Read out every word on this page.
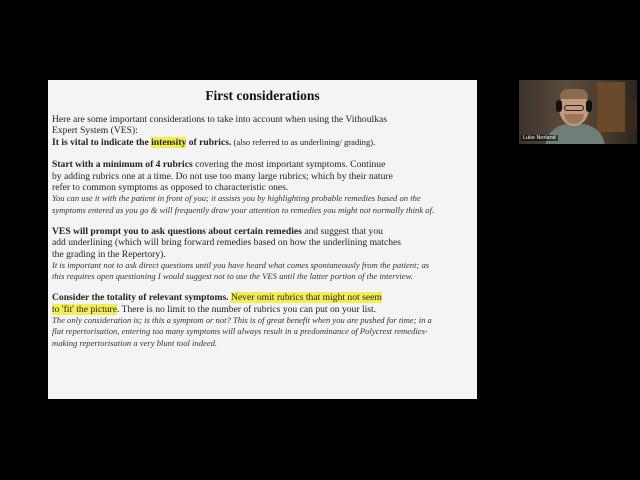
First considerations

Here are some important considerations to take into account when using the Vithoulkas
Expert System (VES):
It is vital to indicate the intensity of rubrics. (also referred to as underlining/ grading).

Start with a minimum of 4 rubrics covering the most important symptoms. Continue
by adding rubrics one at a time. Do not use too many large rubrics; which by their nature
refer to common symptoms as opposed to characteristic ones.

You can use it with the patient in front of you; it assists you by highlighting probable remedies based on the
symptoms entered as you go & will frequently draw your attention to remedies you might not normally think of.

VES will prompt you to ask questions about certain remedies and suggest that you
add underlining (which will bring forward remedies based on how the underlining matches
the grading in the Repertory).

It is important not to ask direct questions until you have heard what comes spontaneously from the patient; as
this requires open questioning I would suggest not to use the VES until the latter portion of the interview.

Consider the totality of relevant symptoms. Never omit rubrics that might not seem
to 'fit' the picture. There is no limit to the number of rubrics you can put on your list.

The only consideration is; is this a symptom or not? This is of great benefit when you are pushed for time; in a
flat repertorisation, entering too many symptoms will always result in a predominance of Polycrest remedies-
making repertorisation a very blunt tool indeed.

Luke Norland
